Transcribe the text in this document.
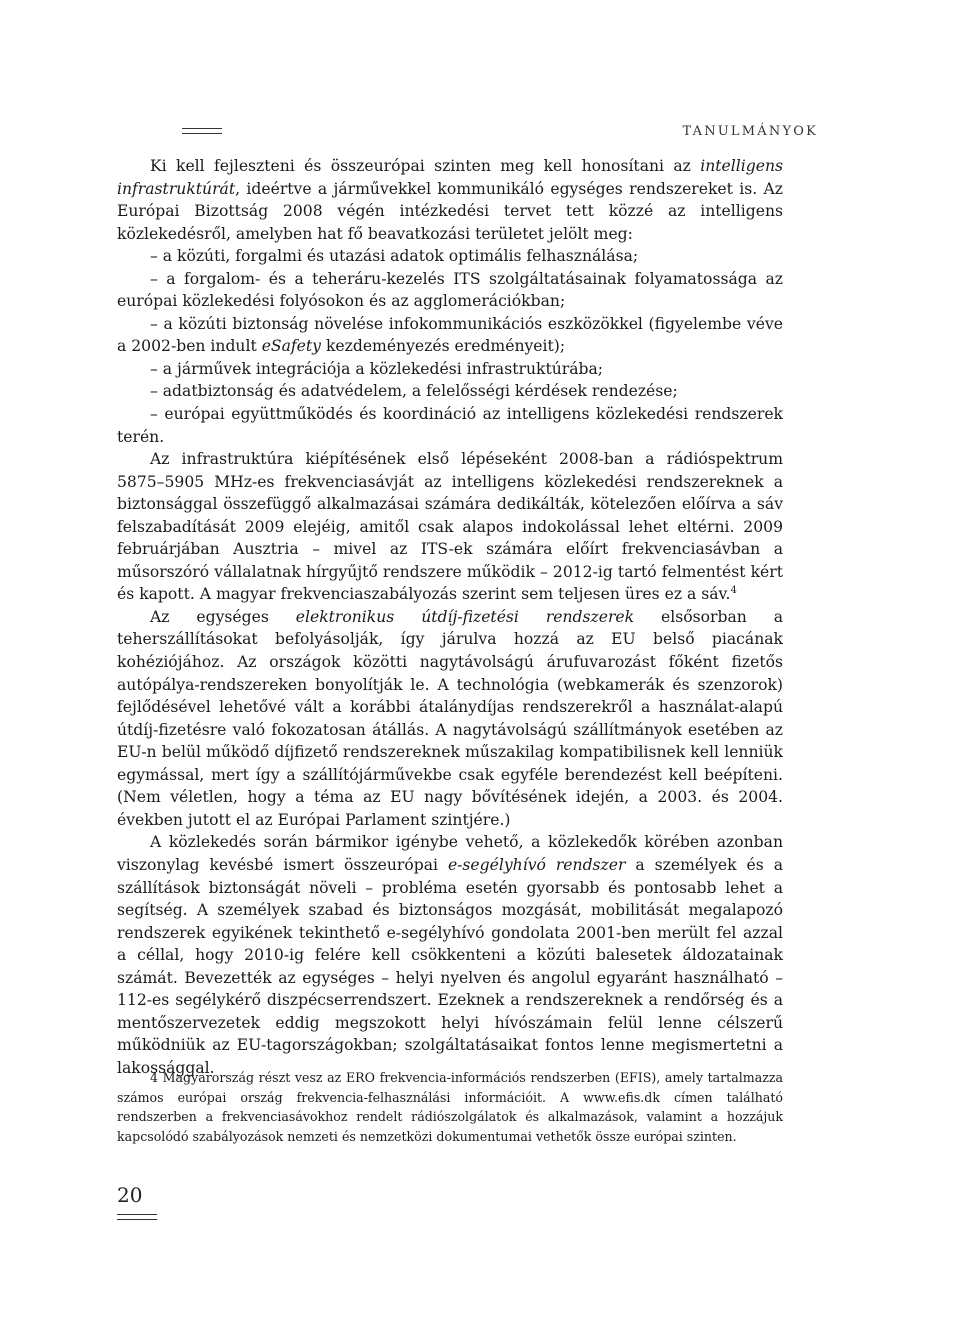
TANULMÁNYOK

Ki kell fejleszteni és összeurópai szinten meg kell honosítani az intelligens infrastruktúrát, ideértve a járművekkel kommunikáló egységes rendszereket is. Az Európai Bizottság 2008 végén intézkedési tervet tett közzé az intelligens közlekedésről, amelyben hat fő beavatkozási területet jelölt meg:

– a közúti, forgalmi és utazási adatok optimális felhasználása;

– a forgalom- és a teheráru-kezelés ITS szolgáltatásainak folyamatossága az európai közlekedési folyósokon és az agglomerációkban;

– a közúti biztonság növelése infokommunikációs eszközökkel (figyelembe véve a 2002-ben indult eSafety kezdeményezés eredményeit);

– a járművek integrációja a közlekedési infrastruktúrába;

– adatbiztonság és adatvédelem, a felelősségi kérdések rendezése;

– európai együttműködés és koordináció az intelligens közlekedési rendszerek terén.

Az infrastruktúra kiépítésének első lépéseként 2008-ban a rádióspektrum 5875–5905 MHz-es frekvenciasávját az intelligens közlekedési rendszereknek a biztonsággal összefüggő alkalmazásai számára dedikálták, kötelezően előírva a sáv felszabadítását 2009 elejéig, amitől csak alapos indokolással lehet eltérni. 2009 februárjában Ausztria – mivel az ITS-ek számára előírt frekvenciasávban a műsorszóró vállalatnak hírgyűjtő rendszere működik – 2012-ig tartó felmentést kért és kapott. A magyar frekvenciaszabályozás szerint sem teljesen üres ez a sáv.$^4$

Az egységes elektronikus útdíj-fizetési rendszerek elsősorban a teherszállításokat befolyásolják, így járulva hozzá az EU belső piacának kohéziójához. Az országok közötti nagytávolságú árufuvarozást főként fizetős autópálya-rendszereken bonyolítják le. A technológia (webkamerák és szenzorok) fejlődésével lehetővé vált a korábbi átalánydíjas rendszerekről a használat-alapú útdíj-fizetésre való fokozatosan átállás. A nagytávolságú szállítmányok esetében az EU-n belül működő díjfizető rendszereknek műszakilag kompatibilisnek kell lenniük egymással, mert így a szállítójárművekbe csak egyféle berendezést kell beépíteni. (Nem véletlen, hogy a téma az EU nagy bővítésének idején, a 2003. és 2004. években jutott el az Európai Parlament szintjére.)

A közlekedés során bármikor igénybe vehető, a közlekedők körében azonban viszonylag kevésbé ismert összeurópai e-segélyhívó rendszer a személyek és a szállítások biztonságát növeli – probléma esetén gyorsabb és pontosabb lehet a segítség. A személyek szabad és biztonságos mozgását, mobilitását megalapozó rendszerek egyikének tekinthető e-segélyhívó gondolata 2001-ben merült fel azzal a céllal, hogy 2010-ig felére kell csökkenteni a közúti balesetek áldozatainak számát. Bevezették az egységes – helyi nyelven és angolul egyaránt használható – 112-es segélykérő diszpécserrendszert. Ezeknek a rendszereknek a rendőrség és a mentőszervezetek eddig megszokott helyi hívószámain felül lenne célszerű működniük az EU-tagországokban; szolgáltatásaikat fontos lenne megismertetni a lakossággal.

4 Magyarország részt vesz az ERO frekvencia-információs rendszerben (EFIS), amely tartalmazza számos európai ország frekvencia-felhasználási információit. A www.efis.dk címen található rendszerben a frekvenciasávokhoz rendelt rádiószolgálatok és alkalmazások, valamint a hozzájuk kapcsolódó szabályozások nemzeti és nemzetközi dokumentumai vethetők össze európai szinten.

20
